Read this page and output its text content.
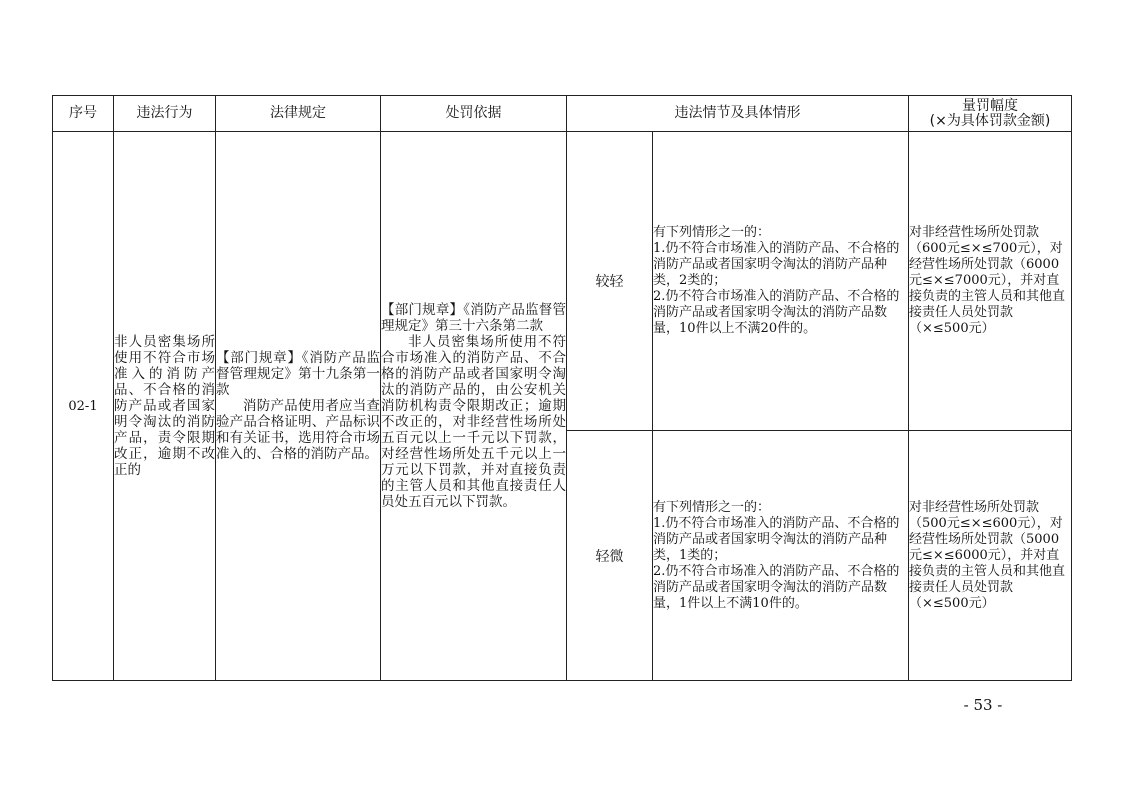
序号	违法行为	法律规定	处罚依据	违法情节及具体情形		量罚幅度
(×为具体罚款金额)

02-1	非人员密集场所使用不符合市场准入的消防产品、不合格的消防产品或者国家明令淘汰的消防产品，责令限期改正，逾期不改正的	【部门规章】《消防产品监督管理规定》第十九条第一款
消防产品使用者应当查验产品合格证明、产品标识和有关证书，选用符合市场准入的、合格的消防产品。	【部门规章】《消防产品监督管理规定》第三十六条第二款
非人员密集场所使用不符合市场准入的消防产品、不合格的消防产品或者国家明令淘汰的消防产品的，由公安机关消防机构责令限期改正；逾期不改正的，对非经营性场所处五百元以上一千元以下罚款，对经营性场所处五千元以上一万元以下罚款，并对直接负责的主管人员和其他直接责任人员处五百元以下罚款。	较轻	有下列情形之一的：
1.仍不符合市场准入的消防产品、不合格的消防产品或者国家明令淘汰的消防产品种类，2类的；
2.仍不符合市场准入的消防产品、不合格的消防产品或者国家明令淘汰的消防产品数量，10件以上不满20件的。	对非经营性场所处罚款（600元≤×≤700元），对经营性场所处罚款（6000元≤×≤7000元），并对直接负责的主管人员和其他直接责任人员处罚款（×≤500元）
				轻微	有下列情形之一的：
1.仍不符合市场准入的消防产品、不合格的消防产品或者国家明令淘汰的消防产品种类，1类的；
2.仍不符合市场准入的消防产品、不合格的消防产品或者国家明令淘汰的消防产品数量，1件以上不满10件的。	对非经营性场所处罚款（500元≤×≤600元），对经营性场所处罚款（5000元≤×≤6000元），并对直接负责的主管人员和其他直接责任人员处罚款（×≤500元）
- 53 -
